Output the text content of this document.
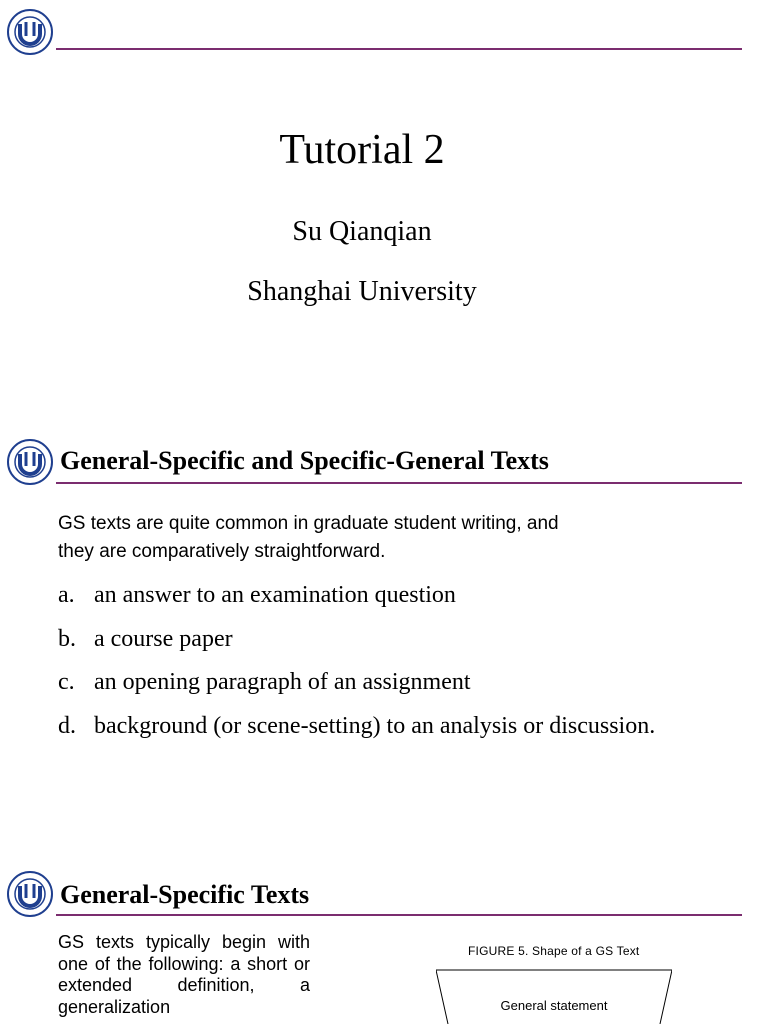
Tutorial 2
Su Qianqian
Shanghai University
General-Specific and Specific-General Texts
GS texts are quite common in graduate student writing, and
they are comparatively straightforward.
a. an answer to an examination question
b. a course paper
c. an opening paragraph of an assignment
d. background (or scene-setting) to an analysis or discussion.
General-Specific Texts
GS texts typically begin with one of the following: a short or extended definition, a generalization
FIGURE 5. Shape of a GS Text
General statement
